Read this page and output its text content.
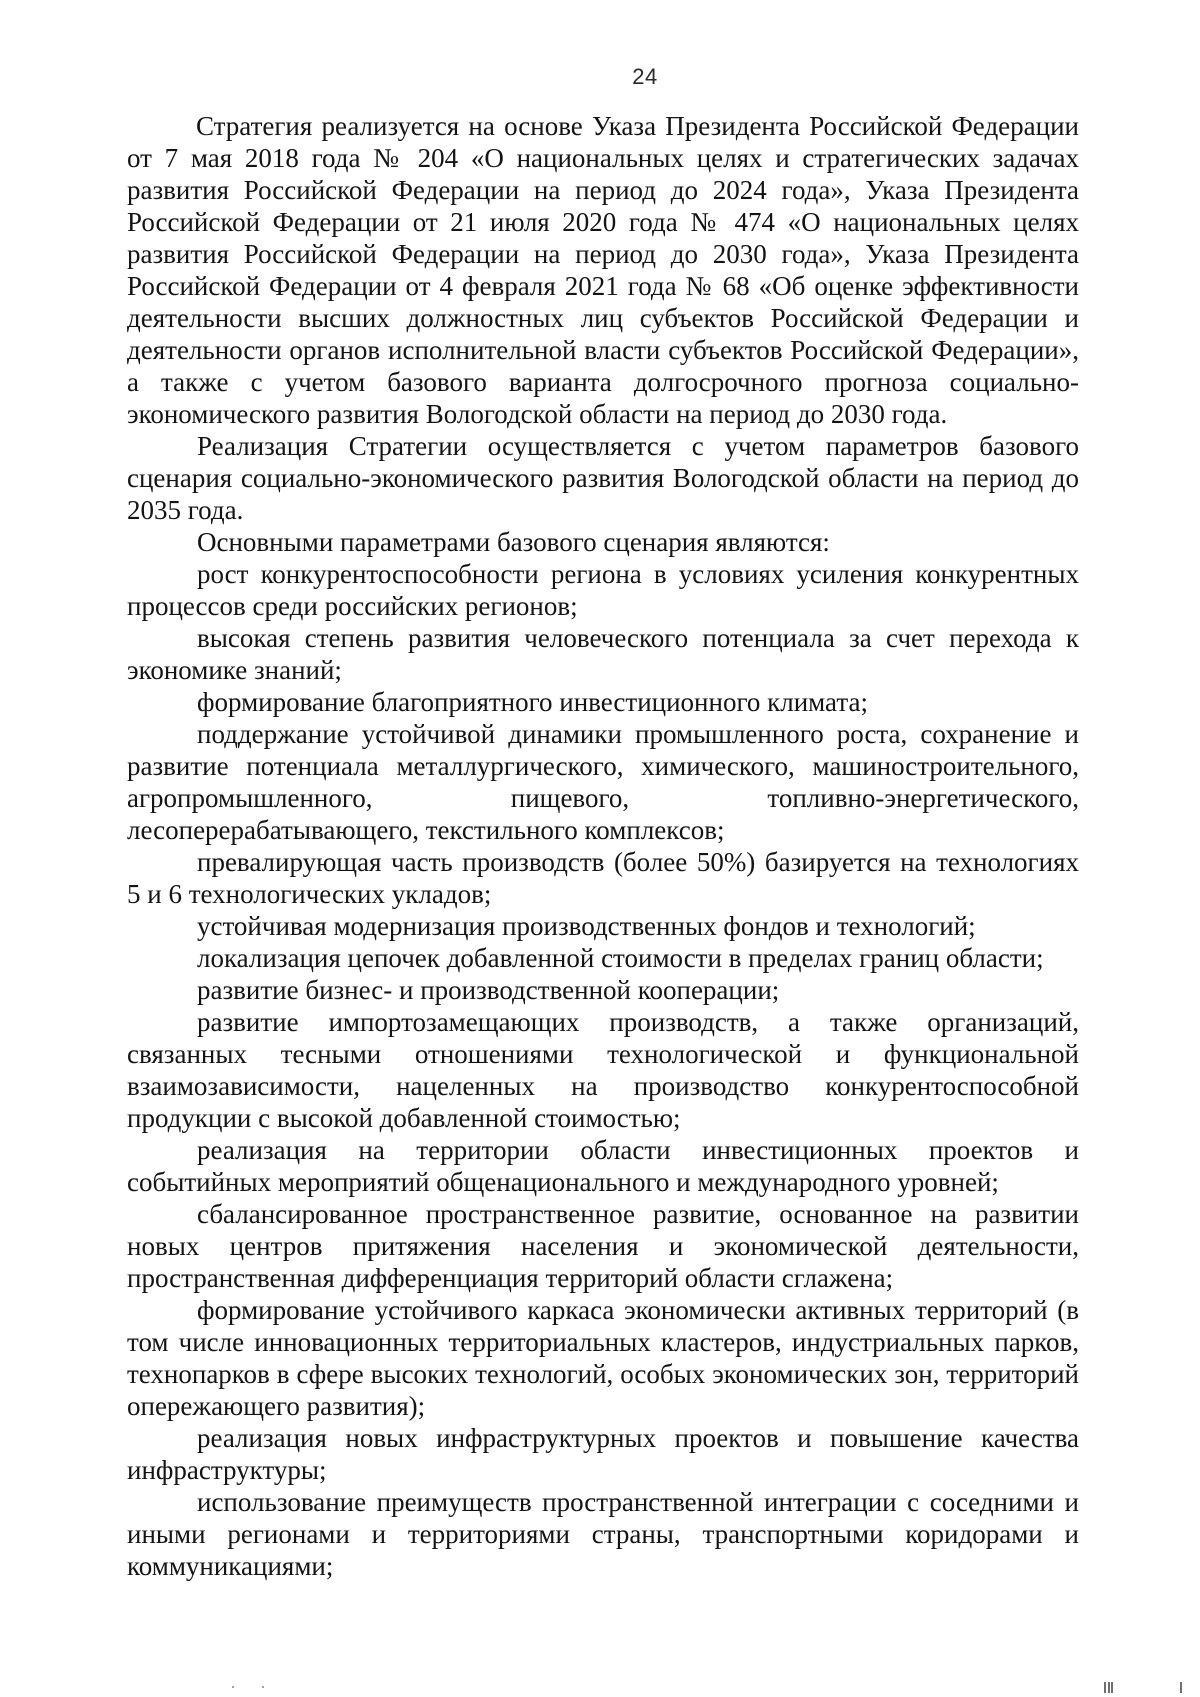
24

Стратегия реализуется на основе Указа Президента Российской Федерации от 7 мая 2018 года № 204 «О национальных целях и стратегических задачах развития Российской Федерации на период до 2024 года», Указа Президента Российской Федерации от 21 июля 2020 года № 474 «О национальных целях развития Российской Федерации на период до 2030 года», Указа Президента Российской Федерации от 4 февраля 2021 года № 68 «Об оценке эффективности деятельности высших должностных лиц субъектов Российской Федерации и деятельности органов исполнительной власти субъектов Российской Федерации», а также с учетом базового варианта долгосрочного прогноза социально-экономического развития Вологодской области на период до 2030 года.

Реализация Стратегии осуществляется с учетом параметров базового сценария социально-экономического развития Вологодской области на период до 2035 года.

Основными параметрами базового сценария являются:

рост конкурентоспособности региона в условиях усиления конкурентных процессов среди российских регионов;

высокая степень развития человеческого потенциала за счет перехода к экономике знаний;

формирование благоприятного инвестиционного климата;

поддержание устойчивой динамики промышленного роста, сохранение и развитие потенциала металлургического, химического, машиностроительного, агропромышленного, пищевого, топливно-энергетического, лесоперерабатывающего, текстильного комплексов;

превалирующая часть производств (более 50%) базируется на технологиях 5 и 6 технологических укладов;

устойчивая модернизация производственных фондов и технологий;

локализация цепочек добавленной стоимости в пределах границ области;

развитие бизнес- и производственной кооперации;

развитие импортозамещающих производств, а также организаций, связанных тесными отношениями технологической и функциональной взаимозависимости, нацеленных на производство конкурентоспособной продукции с высокой добавленной стоимостью;

реализация на территории области инвестиционных проектов и событийных мероприятий общенационального и международного уровней;

сбалансированное пространственное развитие, основанное на развитии новых центров притяжения населения и экономической деятельности, пространственная дифференциация территорий области сглажена;

формирование устойчивого каркаса экономически активных территорий (в том числе инновационных территориальных кластеров, индустриальных парков, технопарков в сфере высоких технологий, особых экономических зон, территорий опережающего развития);

реализация новых инфраструктурных проектов и повышение качества инфраструктуры;

использование преимуществ пространственной интеграции с соседними и иными регионами и территориями страны, транспортными коридорами и коммуникациями;
